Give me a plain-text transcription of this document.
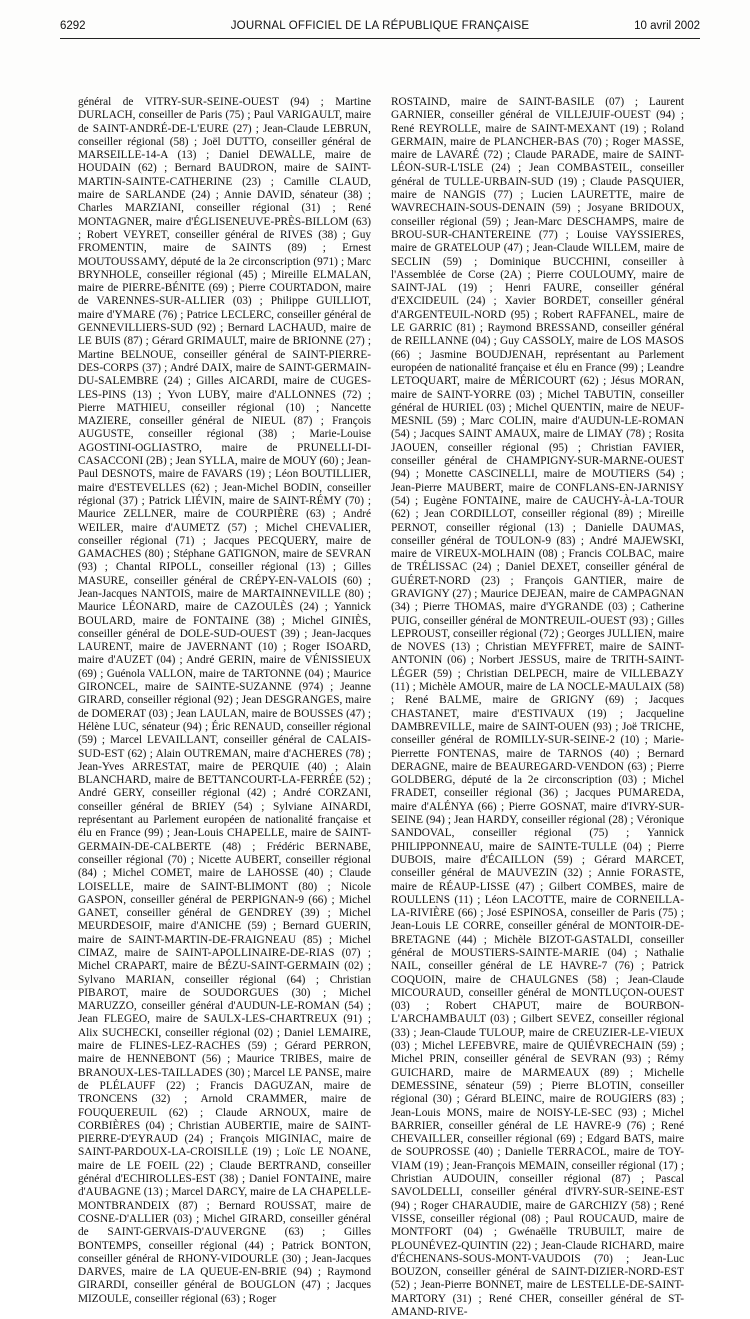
6292	JOURNAL OFFICIEL DE LA RÉPUBLIQUE FRANÇAISE	10 avril 2002

général de VITRY-SUR-SEINE-OUEST (94) ; Martine DURLACH, conseiller de Paris (75) ; Paul VARIGAULT, maire de SAINT-ANDRÉ-DE-L'EURE (27) ; Jean-Claude LEBRUN, conseiller régional (58) ; Joël DUTTO, conseiller général de MARSEILLE-14-A (13) ; Daniel DEWALLE, maire de HOUDAIN (62) ; Bernard BAUDRON, maire de SAINT-MARTIN-SAINTE-CATHERINE (23) ; Camille CLAUD, maire de SARLANDE (24) ; Annie DAVID, sénateur (38) ; Charles MARZIANI, conseiller régional (31) ; René MONTAGNER, maire d'ÉGLISENEUVE-PRÈS-BILLOM (63) ; Robert VEYRET, conseiller général de RIVES (38) ; Guy FROMENTIN, maire de SAINTS (89) ; Ernest MOUTOUSSAMY, député de la 2e circonscription (971) ; Marc BRYNHOLE, conseiller régional (45) ; Mireille ELMALAN, maire de PIERRE-BÉNITE (69) ; Pierre COURTADON, maire de VARENNES-SUR-ALLIER (03) ; Philippe GUILLIOT, maire d'YMARE (76) ; Patrice LECLERC, conseiller général de GENNEVILLIERS-SUD (92) ; Bernard LACHAUD, maire de LE BUIS (87) ; Gérard GRIMAULT, maire de BRIONNE (27) ; Martine BELNOUE, conseiller général de SAINT-PIERRE-DES-CORPS (37) ; André DAIX, maire de SAINT-GERMAIN-DU-SALEMBRE (24) ; Gilles AICARDI, maire de CUGES-LES-PINS (13) ; Yvon LUBY, maire d'ALLONNES (72) ; Pierre MATHIEU, conseiller régional (10) ; Nancette MAZIERE, conseiller général de NIEUL (87) ; François AUGUSTE, conseiller régional (38) ; Marie-Louise AGOSTINI-OGLIASTRO, maire de PRUNELLI-DI-CASACCONI (2B) ; Jean SYLLA, maire de MOUY (60) ; Jean-Paul DESNOTS, maire de FAVARS (19) ; Léon BOUTILLIER, maire d'ESTEVELLES (62) ; Jean-Michel BODIN, conseiller régional (37) ; Patrick LIÉVIN, maire de SAINT-RÉMY (70) ; Maurice ZELLNER, maire de COURPIÈRE (63) ; André WEILER, maire d'AUMETZ (57) ; Michel CHEVALIER, conseiller régional (71) ; Jacques PECQUERY, maire de GAMACHES (80) ; Stéphane GATIGNON, maire de SEVRAN (93) ; Chantal RIPOLL, conseiller régional (13) ; Gilles MASURE, conseiller général de CRÉPY-EN-VALOIS (60) ; Jean-Jacques NANTOIS, maire de MARTAINNEVILLE (80) ; Maurice LÉONARD, maire de CAZOULÈS (24) ; Yannick BOULARD, maire de FONTAINE (38) ; Michel GINIÈS, conseiller général de DOLE-SUD-OUEST (39) ; Jean-Jacques LAURENT, maire de JAVERNANT (10) ; Roger ISOARD, maire d'AUZET (04) ; André GERIN, maire de VÉNISSIEUX (69) ; Guénola VALLON, maire de TARTONNE (04) ; Maurice GIRONCEL, maire de SAINTE-SUZANNE (974) ; Jeanne GIRARD, conseiller régional (92) ; Jean DESGRANGES, maire de DOMERAT (03) ; Jean LAULAN, maire de BOUSSES (47) ; Hélène LUC, sénateur (94) ; Éric RENAUD, conseiller régional (59) ; Marcel LEVAILLANT, conseiller général de CALAIS-SUD-EST (62) ; Alain OUTREMAN, maire d'ACHERES (78) ; Jean-Yves ARRESTAT, maire de PERQUIE (40) ; Alain BLANCHARD, maire de BETTANCOURT-LA-FERRÉE (52) ; André GERY, conseiller régional (42) ; André CORZANI, conseiller général de BRIEY (54) ; Sylviane AINARDI, représentant au Parlement européen de nationalité française et élu en France (99) ; Jean-Louis CHAPELLE, maire de SAINT-GERMAIN-DE-CALBERTE (48) ; Frédéric BERNABE, conseiller régional (70) ; Nicette AUBERT, conseiller régional (84) ; Michel COMET, maire de LAHOSSE (40) ; Claude LOISELLE, maire de SAINT-BLIMONT (80) ; Nicole GASPON, conseiller général de PERPIGNAN-9 (66) ; Michel GANET, conseiller général de GENDREY (39) ; Michel MEURDESOIF, maire d'ANICHE (59) ; Bernard GUERIN, maire de SAINT-MARTIN-DE-FRAIGNEAU (85) ; Michel CIMAZ, maire de SAINT-APOLLINAIRE-DE-RIAS (07) ; Michel CRAPART, maire de BÉZU-SAINT-GERMAIN (02) ; Sylvano MARIAN, conseiller régional (64) ; Christian PIBAROT, maire de SOUDORGUES (30) ; Michel MARUZZO, conseiller général d'AUDUN-LE-ROMAN (54) ; Jean FLEGEO, maire de SAULX-LES-CHARTREUX (91) ; Alix SUCHECKI, conseiller régional (02) ; Daniel LEMAIRE, maire de FLINES-LEZ-RACHES (59) ; Gérard PERRON, maire de HENNEBONT (56) ; Maurice TRIBES, maire de BRANOUX-LES-TAILLADES (30) ; Marcel LE PANSE, maire de PLÉLAUFF (22) ; Francis DAGUZAN, maire de TRONCENS (32) ; Arnold CRAMMER, maire de FOUQUEREUIL (62) ; Claude ARNOUX, maire de CORBIÈRES (04) ; Christian AUBERTIE, maire de SAINT-PIERRE-D'EYRAUD (24) ; François MIGINIAC, maire de SAINT-PARDOUX-LA-CROISILLE (19) ; Loïc LE NOANE, maire de LE FOEIL (22) ; Claude BERTRAND, conseiller général d'ECHIROLLES-EST (38) ; Daniel FONTAINE, maire d'AUBAGNE (13) ; Marcel DARCY, maire de LA CHAPELLE-MONTBRANDEIX (87) ; Bernard ROUSSAT, maire de COSNE-D'ALLIER (03) ; Michel GIRARD, conseiller général de SAINT-GERVAIS-D'AUVERGNE (63) ; Gilles BONTEMPS, conseiller régional (44) ; Patrick BONTON, conseiller général de RHONY-VIDOURLE (30) ; Jean-Jacques DARVES, maire de LA QUEUE-EN-BRIE (94) ; Raymond GIRARDI, conseiller général de BOUGLON (47) ; Jacques MIZOULE, conseiller régional (63) ; Roger

ROSTAIND, maire de SAINT-BASILE (07) ; Laurent GARNIER, conseiller général de VILLEJUIF-OUEST (94) ; René REYROLLE, maire de SAINT-MEXANT (19) ; Roland GERMAIN, maire de PLANCHER-BAS (70) ; Roger MASSE, maire de LAVARÉ (72) ; Claude PARADE, maire de SAINT-LÉON-SUR-L'ISLE (24) ; Jean COMBASTEIL, conseiller général de TULLE-URBAIN-SUD (19) ; Claude PASQUIER, maire de NANGIS (77) ; Lucien LAURETTE, maire de WAVRECHAIN-SOUS-DENAIN (59) ; Josyane BRIDOUX, conseiller régional (59) ; Jean-Marc DESCHAMPS, maire de BROU-SUR-CHANTEREINE (77) ; Louise VAYSSIERES, maire de GRATELOUP (47) ; Jean-Claude WILLEM, maire de SECLIN (59) ; Dominique BUCCHINI, conseiller à l'Assemblée de Corse (2A) ; Pierre COULOUMY, maire de SAINT-JAL (19) ; Henri FAURE, conseiller général d'EXCIDEUIL (24) ; Xavier BORDET, conseiller général d'ARGENTEUIL-NORD (95) ; Robert RAFFANEL, maire de LE GARRIC (81) ; Raymond BRESSAND, conseiller général de REILLANNE (04) ; Guy CASSOLY, maire de LOS MASOS (66) ; Jasmine BOUDJENAH, représentant au Parlement européen de nationalité française et élu en France (99) ; Leandre LETOQUART, maire de MÉRICOURT (62) ; Jésus MORAN, maire de SAINT-YORRE (03) ; Michel TABUTIN, conseiller général de HURIEL (03) ; Michel QUENTIN, maire de NEUF-MESNIL (59) ; Marc COLIN, maire d'AUDUN-LE-ROMAN (54) ; Jacques SAINT AMAUX, maire de LIMAY (78) ; Rosita JAOUEN, conseiller régional (95) ; Christian FAVIER, conseiller général de CHAMPIGNY-SUR-MARNE-OUEST (94) ; Monette CASCINELLI, maire de MOUTIERS (54) ; Jean-Pierre MAUBERT, maire de CONFLANS-EN-JARNISY (54) ; Eugène FONTAINE, maire de CAUCHY-À-LA-TOUR (62) ; Jean CORDILLOT, conseiller régional (89) ; Mireille PERNOT, conseiller régional (13) ; Danielle DAUMAS, conseiller général de TOULON-9 (83) ; André MAJEWSKI, maire de VIREUX-MOLHAIN (08) ; Francis COLBAC, maire de TRÉLISSAC (24) ; Daniel DEXET, conseiller général de GUÉRET-NORD (23) ; François GANTIER, maire de GRAVIGNY (27) ; Maurice DEJEAN, maire de CAMPAGNAN (34) ; Pierre THOMAS, maire d'YGRANDE (03) ; Catherine PUIG, conseiller général de MONTREUIL-OUEST (93) ; Gilles LEPROUST, conseiller régional (72) ; Georges JULLIEN, maire de NOVES (13) ; Christian MEYFFRET, maire de SAINT-ANTONIN (06) ; Norbert JESSUS, maire de TRITH-SAINT-LÉGER (59) ; Christian DELPECH, maire de VILLEBAZY (11) ; Michèle AMOUR, maire de LA NOCLE-MAULAIX (58) ; René BALME, maire de GRIGNY (69) ; Jacques CHASTANET, maire d'ESTIVAUX (19) ; Jacqueline DAMBREVILLE, maire de SAINT-OUEN (93) ; Joë TRICHE, conseiller général de ROMILLY-SUR-SEINE-2 (10) ; Marie-Pierrette FONTENAS, maire de TARNOS (40) ; Bernard DERAGNE, maire de BEAUREGARD-VENDON (63) ; Pierre GOLDBERG, député de la 2e circonscription (03) ; Michel FRADET, conseiller régional (36) ; Jacques PUMAREDA, maire d'ALÉNYA (66) ; Pierre GOSNAT, maire d'IVRY-SUR-SEINE (94) ; Jean HARDY, conseiller régional (28) ; Véronique SANDOVAL, conseiller régional (75) ; Yannick PHILIPPONNEAU, maire de SAINTE-TULLE (04) ; Pierre DUBOIS, maire d'ÉCAILLON (59) ; Gérard MARCET, conseiller général de MAUVEZIN (32) ; Annie FORASTE, maire de RÉAUP-LISSE (47) ; Gilbert COMBES, maire de ROULLENS (11) ; Léon LACOTTE, maire de CORNEILLA-LA-RIVIÈRE (66) ; José ESPINOSA, conseiller de Paris (75) ; Jean-Louis LE CORRE, conseiller général de MONTOIR-DE-BRETAGNE (44) ; Michèle BIZOT-GASTALDI, conseiller général de MOUSTIERS-SAINTE-MARIE (04) ; Nathalie NAIL, conseiller général de LE HAVRE-7 (76) ; Patrick COQUOIN, maire de CHAULGNES (58) ; Jean-Claude MICOURAUD, conseiller général de MONTLUÇON-OUEST (03) ; Robert CHAPUT, maire de BOURBON-L'ARCHAMBAULT (03) ; Gilbert SEVEZ, conseiller régional (33) ; Jean-Claude TULOUP, maire de CREUZIER-LE-VIEUX (03) ; Michel LEFEBVRE, maire de QUIÉVRECHAIN (59) ; Michel PRIN, conseiller général de SEVRAN (93) ; Rémy GUICHARD, maire de MARMEAUX (89) ; Michelle DEMESSINE, sénateur (59) ; Pierre BLOTIN, conseiller régional (30) ; Gérard BLEINC, maire de ROUGIERS (83) ; Jean-Louis MONS, maire de NOISY-LE-SEC (93) ; Michel BARRIER, conseiller général de LE HAVRE-9 (76) ; René CHEVAILLER, conseiller régional (69) ; Edgard BATS, maire de SOUPROSSE (40) ; Danielle TERRACOL, maire de TOY-VIAM (19) ; Jean-François MEMAIN, conseiller régional (17) ; Christian AUDOUIN, conseiller régional (87) ; Pascal SAVOLDELLI, conseiller général d'IVRY-SUR-SEINE-EST (94) ; Roger CHARAUDIE, maire de GARCHIZY (58) ; René VISSE, conseiller régional (08) ; Paul ROUCAUD, maire de MONTFORT (04) ; Gwénaëlle TRUBUILT, maire de PLOUNÉVEZ-QUINTIN (22) ; Jean-Claude RICHARD, maire d'ÉCHENANS-SOUS-MONT-VAUDOIS (70) ; Jean-Luc BOUZON, conseiller général de SAINT-DIZIER-NORD-EST (52) ; Jean-Pierre BONNET, maire de LESTELLE-DE-SAINT-MARTORY (31) ; René CHER, conseiller général de ST-AMAND-RIVE-
